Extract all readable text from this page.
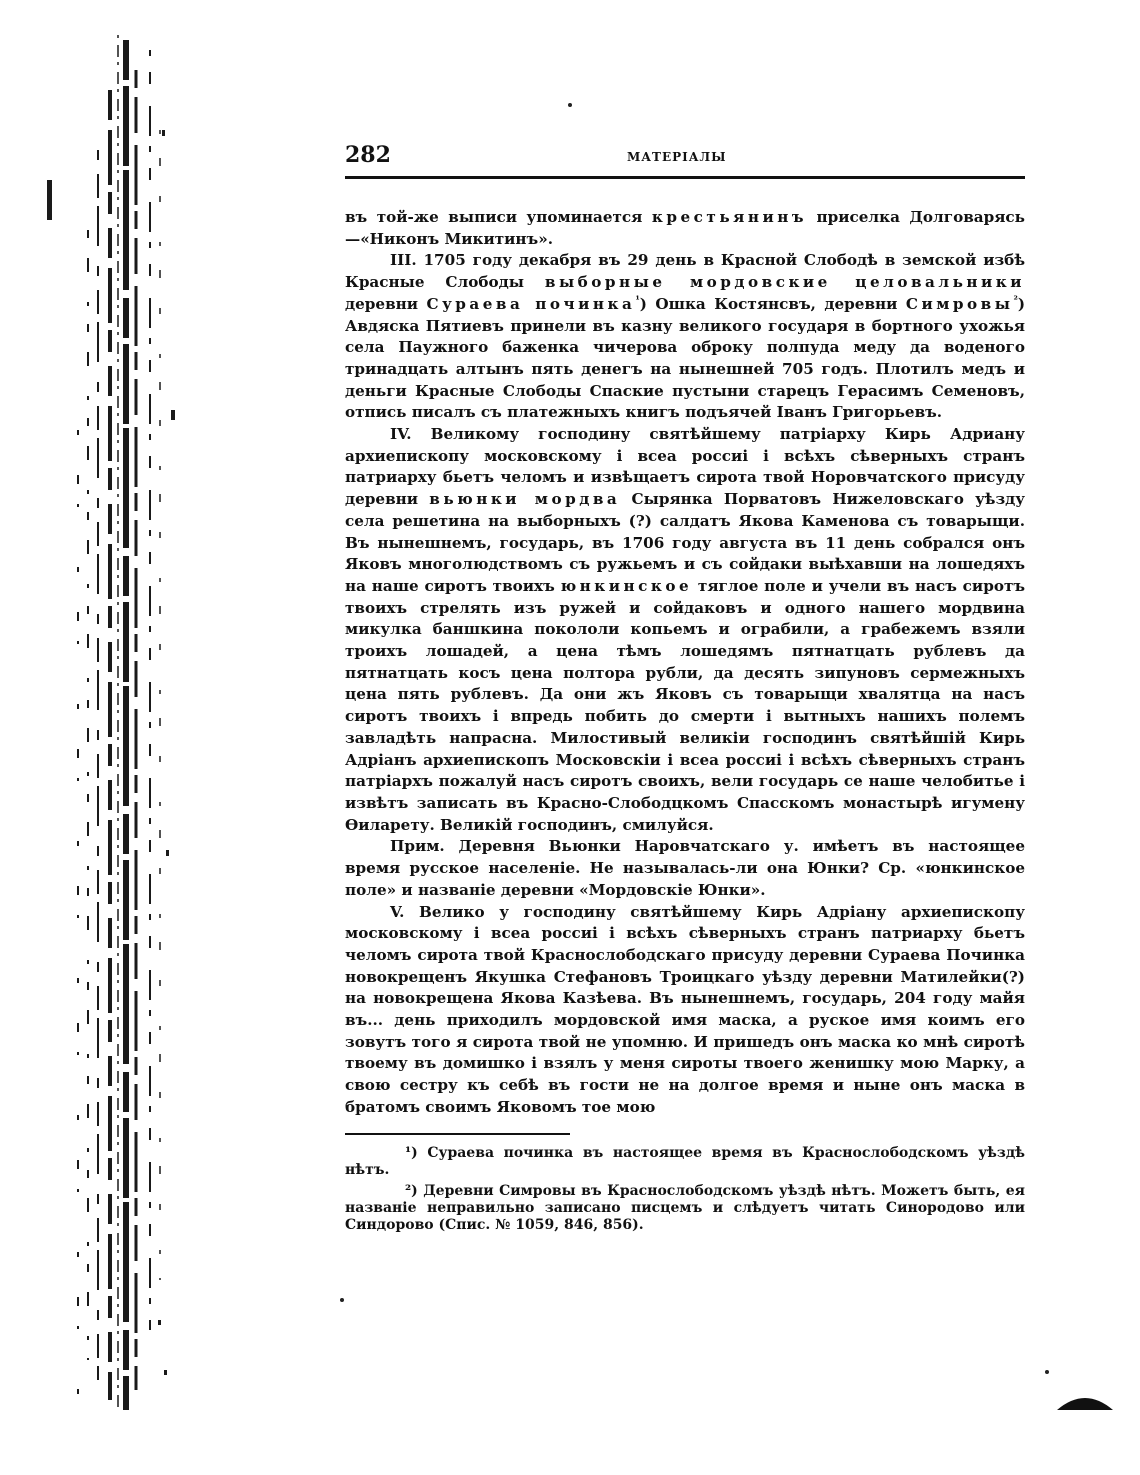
282	МАТЕРІАЛЫ

въ той-же выписи упоминается крестьянинъ приселка Долговарясь—«Никонъ Микитинъ».

III. 1705 году декабря въ 29 день в Красной Слободѣ в земской избѣ Красные Слободы выборные мордовские целовальники деревни Сураева починка$^{^1}$) Ошка Костянсвъ, деревни Симровы$^{^2}$) Авдяска Пятиевъ принели въ казну великого государя в бортного ухожья села Паужного баженка чичерова оброку полпуда меду да воденого тринадцать алтынъ пять денегъ на нынешней 705 годъ. Плотилъ медъ и деньги Красные Слободы Спаские пустыни старецъ Герасимъ Семеновъ, отпись писалъ съ платежныхъ книгъ подъячей Іванъ Григорьевъ.

IV. Великому господину святѣйшему патріарху Кирь Адриану архиепископу московскому і всеа россиі і всѣхъ сѣверныхъ странъ патриарху бьетъ челомъ и извѣщаетъ сирота твой Норовчатского присуду деревни вьюнки мордва Сырянка Порватовъ Нижеловскаго уѣзду села решетина на выборныхъ (?) салдатъ Якова Каменова съ товарыщи. Въ нынешнемъ, государь, въ 1706 году августа въ 11 день собрался онъ Яковъ многолюдствомъ съ ружьемъ и съ сойдаки выѣхавши на лошедяхъ на наше сиротъ твоихъ юнкинское тяглое поле и учели въ насъ сиротъ твоихъ стрелять изъ ружей и сойдаковъ и одного нашего мордвина микулка баншкина покололи копьемъ и ограбили, а грабежемъ взяли троихъ лошадей, а цена тѣмъ лошедямъ пятнатцать рублевъ да пятнатцать косъ цена полтора рубли, да десять зипуновъ сермежныхъ цена пять рублевъ. Да они жъ Яковъ съ товарыщи хвалятца на насъ сиротъ твоихъ і впредь побить до смерти і вытныхъ нашихъ полемъ завладѣть напрасна. Милостивый великіи господинъ святѣйшій Кирь Адріанъ архиепископъ Московскіи і всеа россиі і всѣхъ сѣверныхъ странъ патріархъ пожалуй насъ сиротъ своихъ, вели государь се наше челобитье і извѣтъ записать въ Красно-Слободцкомъ Спасскомъ монастырѣ игумену Өиларету. Великій господинъ, смилуйся.

Прим. Деревня Вьюнки Наровчатскаго у. имѣетъ въ настоящее время русское населеніе. Не называлась-ли она Юнки? Ср. «юнкинское поле» и названіе деревни «Мордовскіе Юнки».

V. Велико у господину святѣйшему Кирь Адріану архиепископу московскому і всеа россиі і всѣхъ сѣверныхъ странъ патриарху бьетъ челомъ сирота твой Краснослободскаго присуду деревни Сураева Починка новокрещенъ Якушка Стефановъ Троицкаго уѣзду деревни Матилейки(?) на новокрещена Якова Казѣева. Въ нынешнемъ, государь, 204 году майя въ... день приходилъ мордовской имя маска, а руское имя коимъ его зовутъ того я сирота твой не упомню. И пришедъ онъ маска ко мнѣ сиротѣ твоему въ домишко і взялъ у меня сироты твоего женишку мою Марку, а свою сестру къ себѣ въ гости не на долгое время и ныне онъ маска в братомъ своимъ Яковомъ тое мою

¹) Сураева починка въ настоящее время въ Краснослободскомъ уѣздѣ нѣтъ.

²) Деревни Симровы въ Краснослободскомъ уѣздѣ нѣтъ. Можетъ быть, ея названіе неправильно записано писцемъ и слѣдуетъ читать Синородово или Синдорово (Спис. № 1059, 846, 856).
